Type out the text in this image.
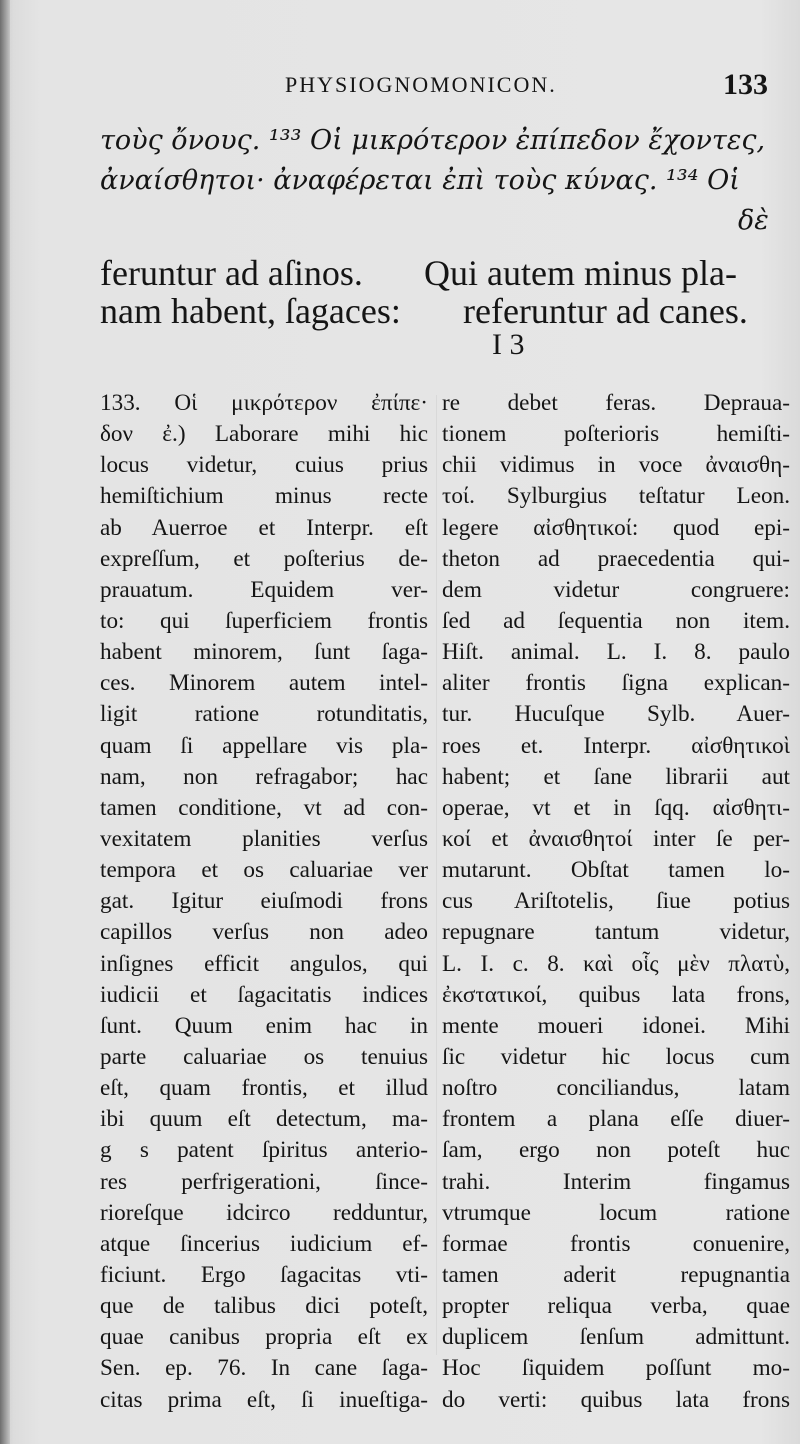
PHYSIOGNOMONICON.	133
τοὺς ὄνους. ¹³³ Οἱ μικρότερον ἐπίπεδον ἔχοντες,
ἀναίσθητοι· ἀναφέρεται ἐπὶ τοὺς κύνας. ¹³⁴ Οἱ
δὲ
feruntur ad aſinos.
nam habent, ſagaces:
Qui autem minus pla-
referuntur ad canes.
I 3
133. Οἱ μικρότερον ἐπίπε·
δον ἐ.) Laborare mihi hic
locus videtur, cuius prius
hemiſtichium minus recte
ab Auerroe et Interpr. eſt
expreſſum, et poſterius de-
prauatum. Equidem ver-
to: qui ſuperficiem frontis
habent minorem, ſunt ſaga-
ces. Minorem autem intel-
ligit ratione rotunditatis,
quam ſi appellare vis pla-
nam, non refragabor; hac
tamen conditione, vt ad con-
vexitatem planities verſus
tempora et os caluariae ver
gat. Igitur eiuſmodi frons
capillos verſus non adeo
inſignes efficit angulos, qui
iudicii et ſagacitatis indices
ſunt. Quum enim hac in
parte caluariae os tenuius
eſt, quam frontis, et illud
ibi quum eſt detectum, ma-
g s patent ſpiritus anterio-
res perfrigerationi, ſince-
rioreſque idcirco redduntur,
atque ſincerius iudicium ef-
ficiunt. Ergo ſagacitas vti-
que de talibus dici poteſt,
quae canibus propria eſt ex
Sen. ep. 76. In cane ſaga-
citas prima eſt, ſi inueſtiga-
re debet feras. Deprauа-
tionem poſterioris hemiſti-
chii vidimus in voce ἀναισθη-
τοί. Sylburgius teſtatur Leon.
legere αἰσθητικοί: quod epi-
theton ad praecedentia qui-
dem videtur congruere:
ſed ad ſequentia non item.
Hiſt. animal. L. I. 8. paulo
aliter frontis ſigna explican-
tur. Hucuſque Sylb. Auer-
roes et. Interpr. αἰσθητικοὶ
habent; et ſane librarii aut
operae, vt et in ſqq. αἰσθητι-
κοί et ἀναισθητοί inter ſe per-
mutarunt. Obſtat tamen lo-
cus Ariſtotelis, ſiue potius
repugnare tantum videtur,
L. I. c. 8. καὶ οἷς μὲν πλατὺ,
ἐκστατικοί, quibus lata frons,
mente moueri idonei. Mihi
ſic videtur hic locus cum
noſtro conciliandus, latam
frontem a plana eſſe diuer-
ſam, ergo non poteſt huc
trahi. Interim fingamus
vtrumque locum ratione
formae frontis conuenire,
tamen aderit repugnantia
propter reliqua verba, quae
duplicem ſenſum admittunt.
Hoc ſiquidem poſſunt mo-
do verti: quibus lata frons
